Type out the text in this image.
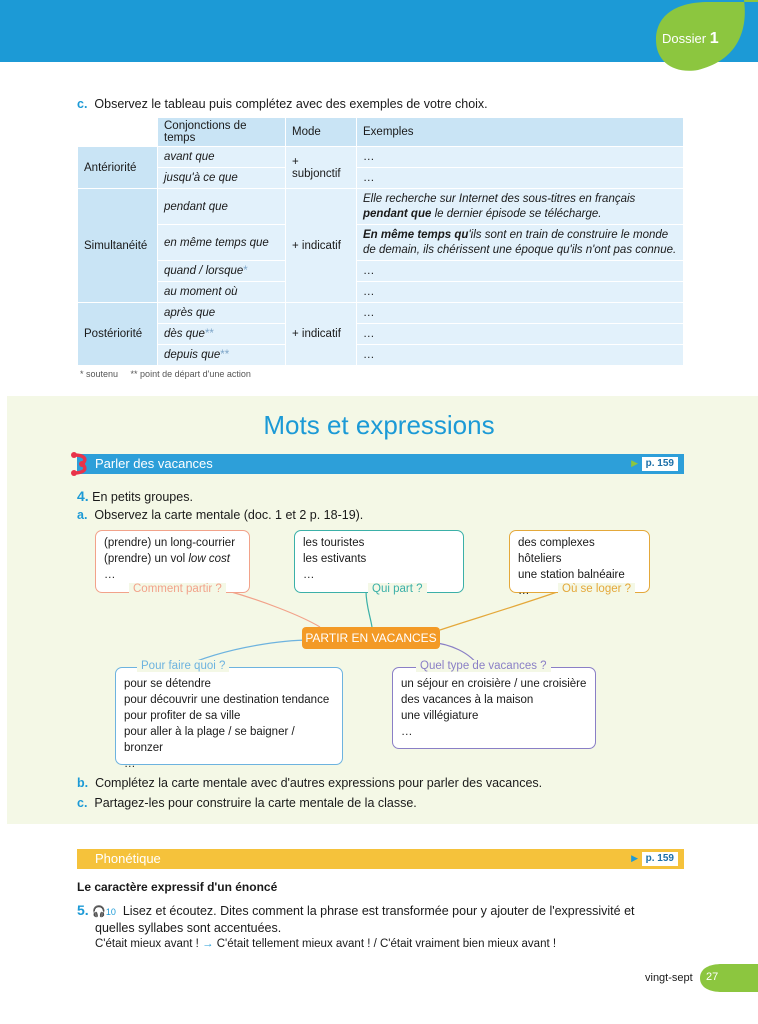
Dossier 1
c. Observez le tableau puis complétez avec des exemples de votre choix.
	Conjonctions de temps	Mode	Exemples
Antériorité	avant que	+ subjonctif	…
	jusqu'à ce que		…
Simultanéité	pendant que	+ indicatif	Elle recherche sur Internet des sous-titres en français pendant que le dernier épisode se télécharge.
	en même temps que		En même temps qu'ils sont en train de construire le monde de demain, ils chérissent une époque qu'ils n'ont pas connue.
	quand / lorsque*		…
	au moment où		…
Postériorité	après que	+ indicatif	…
	dès que**		…
	depuis que**		…
* soutenu ** point de départ d'une action
Mots et expressions
Parler des vacances	▶ p. 159
4. En petits groupes.
a. Observez la carte mentale (doc. 1 et 2 p. 18-19).
(prendre) un long-courrier
(prendre) un vol low cost
…
Comment partir ?
les touristes
les estivants
…
Qui part ?
des complexes hôteliers
une station balnéaire
…	Où se loger ?
PARTIR EN VACANCES
pour se détendre
pour découvrir une destination tendance
pour profiter de sa ville
pour aller à la plage / se baigner / bronzer
…
Pour faire quoi ?
un séjour en croisière / une croisière
des vacances à la maison
une villégiature
…
Quel type de vacances ?
b. Complétez la carte mentale avec d'autres expressions pour parler des vacances.
c. Partagez-les pour construire la carte mentale de la classe.
Phonétique	▶ p. 159
Le caractère expressif d'un énoncé
5. 🎧10 Lisez et écoutez. Dites comment la phrase est transformée pour y ajouter de l'expressivité et
quelles syllabes sont accentuées.
C'était mieux avant ! → C'était tellement mieux avant ! / C'était vraiment bien mieux avant !
vingt-sept 27
